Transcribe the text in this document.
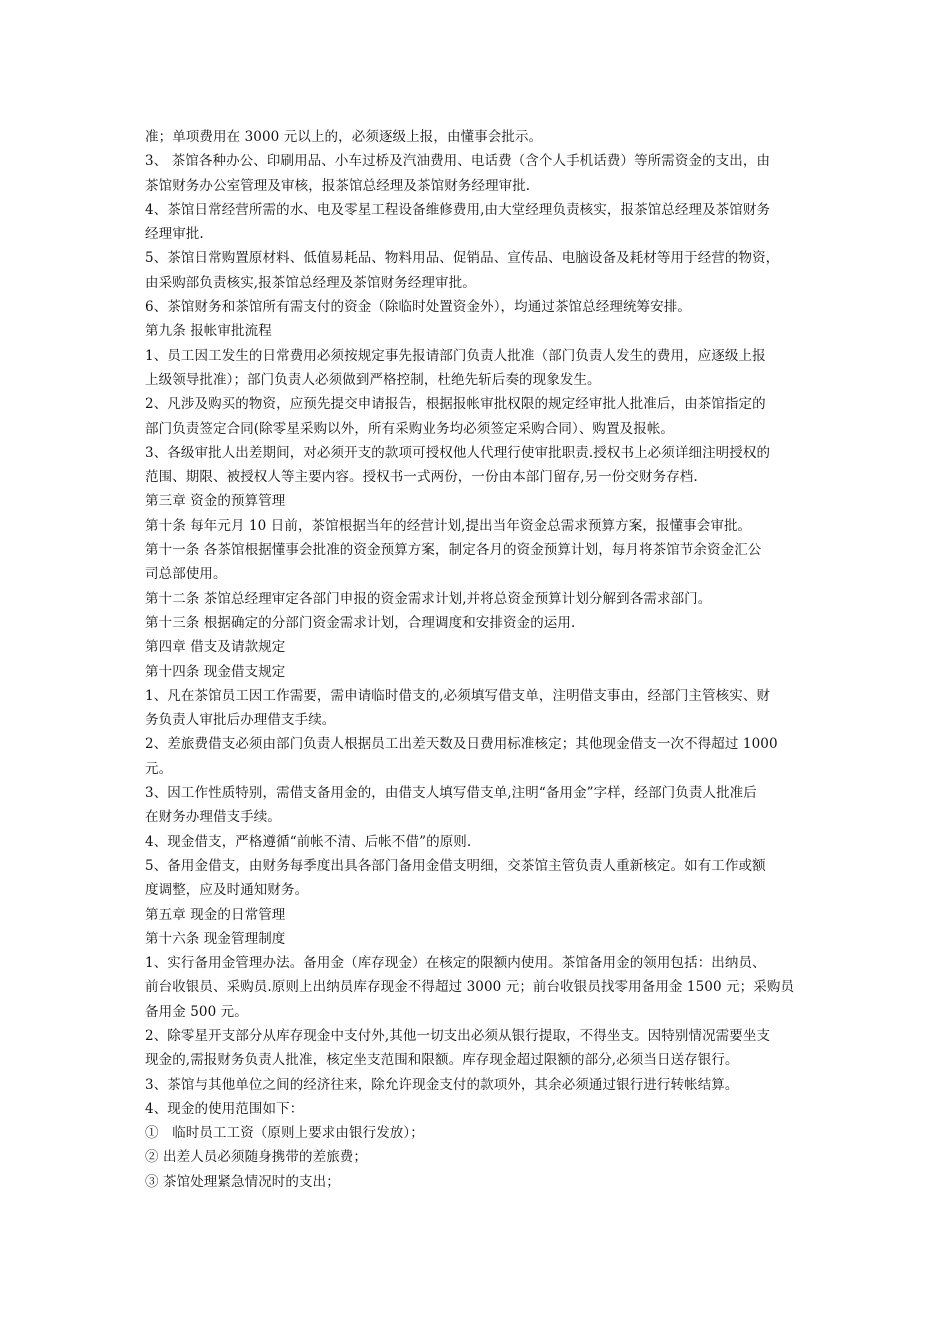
准；单项费用在 3000 元以上的，必须逐级上报，由懂事会批示。
3、 茶馆各种办公、印刷用品、小车过桥及汽油费用、电话费（含个人手机话费）等所需资金的支出，由
茶馆财务办公室管理及审核，报茶馆总经理及茶馆财务经理审批.
4、茶馆日常经营所需的水、电及零星工程设备维修费用,由大堂经理负责核实，报茶馆总经理及茶馆财务
经理审批.
5、茶馆日常购置原材料、低值易耗品、物料用品、促销品、宣传品、电脑设备及耗材等用于经营的物资，
由采购部负责核实,报茶馆总经理及茶馆财务经理审批。
6、茶馆财务和茶馆所有需支付的资金（除临时处置资金外），均通过茶馆总经理统筹安排。
第九条 报帐审批流程
1、员工因工发生的日常费用必须按规定事先报请部门负责人批准（部门负责人发生的费用，应逐级上报
上级领导批准）；部门负责人必须做到严格控制，杜绝先斩后奏的现象发生。
2、凡涉及购买的物资，应预先提交申请报告，根据报帐审批权限的规定经审批人批准后，由茶馆指定的
部门负责签定合同(除零星采购以外，所有采购业务均必须签定采购合同）、购置及报帐。
3、各级审批人出差期间，对必须开支的款项可授权他人代理行使审批职责.授权书上必须详细注明授权的
范围、期限、被授权人等主要内容。授权书一式两份，一份由本部门留存,另一份交财务存档.
第三章 资金的预算管理
第十条 每年元月 10 日前，茶馆根据当年的经营计划,提出当年资金总需求预算方案，报懂事会审批。
第十一条 各茶馆根据懂事会批准的资金预算方案，制定各月的资金预算计划，每月将茶馆节余资金汇公
司总部使用。
第十二条 茶馆总经理审定各部门申报的资金需求计划,并将总资金预算计划分解到各需求部门。
第十三条 根据确定的分部门资金需求计划，合理调度和安排资金的运用.
第四章 借支及请款规定
第十四条 现金借支规定
1、凡在茶馆员工因工作需要，需申请临时借支的,必须填写借支单，注明借支事由，经部门主管核实、财
务负责人审批后办理借支手续。
2、差旅费借支必须由部门负责人根据员工出差天数及日费用标准核定；其他现金借支一次不得超过 1000
元。
3、因工作性质特别，需借支备用金的，由借支人填写借支单,注明“备用金”字样，经部门负责人批准后
在财务办理借支手续。
4、现金借支，严格遵循“前帐不清、后帐不借”的原则.
5、备用金借支，由财务每季度出具各部门备用金借支明细，交茶馆主管负责人重新核定。如有工作或额
度调整，应及时通知财务。
第五章 现金的日常管理
第十六条 现金管理制度
1、实行备用金管理办法。备用金（库存现金）在核定的限额内使用。茶馆备用金的领用包括：出纳员、
前台收银员、采购员.原则上出纳员库存现金不得超过 3000 元；前台收银员找零用备用金 1500 元；采购员
备用金 500 元。
2、除零星开支部分从库存现金中支付外,其他一切支出必须从银行提取，不得坐支。因特别情况需要坐支
现金的,需报财务负责人批准，核定坐支范围和限额。库存现金超过限额的部分,必须当日送存银行。
3、茶馆与其他单位之间的经济往来，除允许现金支付的款项外，其余必须通过银行进行转帐结算。
4、现金的使用范围如下：
①　临时员工工资（原则上要求由银行发放）；
② 出差人员必须随身携带的差旅费；
③ 茶馆处理紧急情况时的支出；
